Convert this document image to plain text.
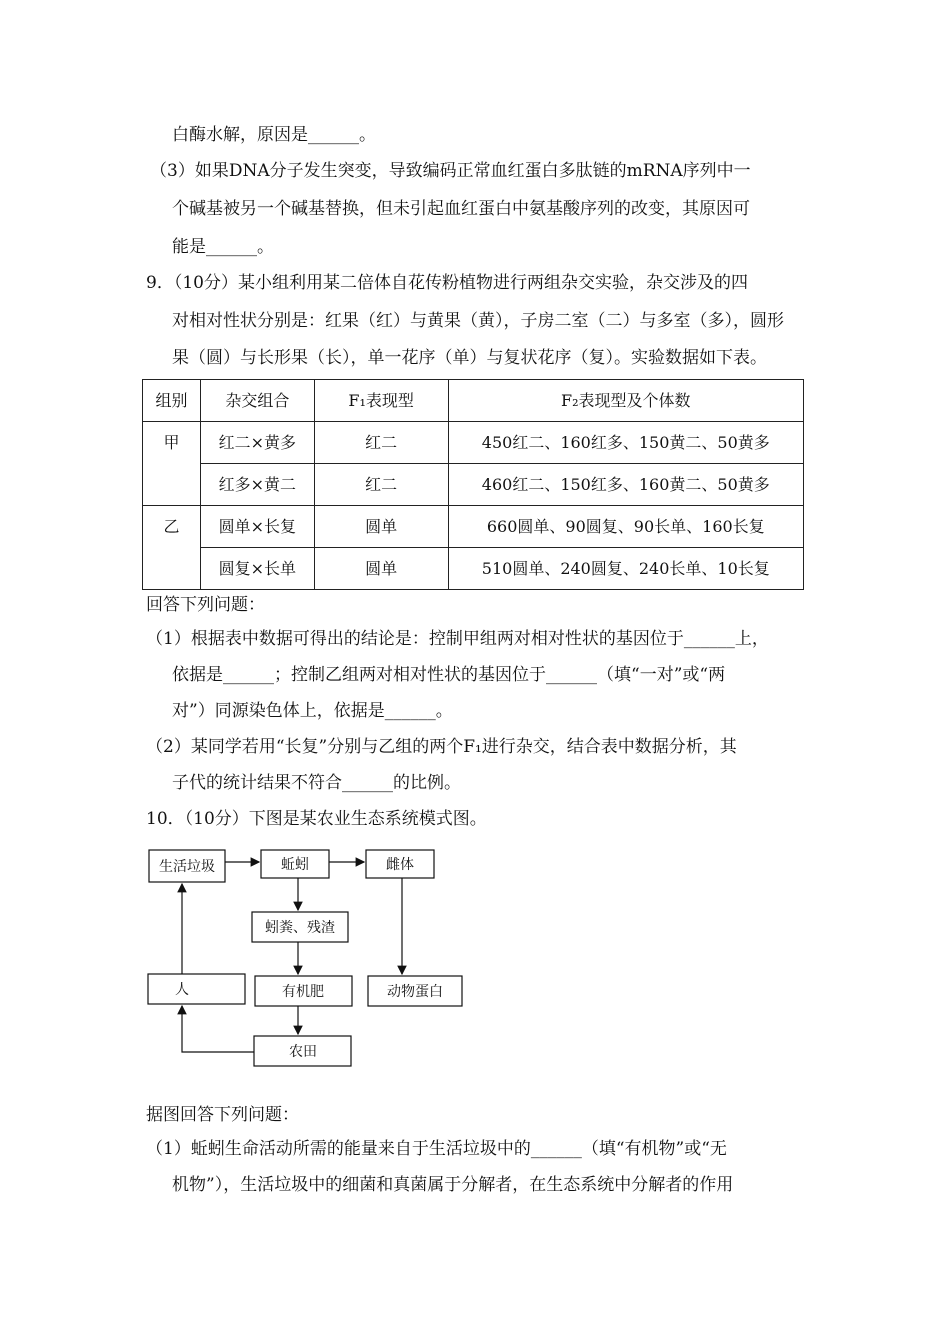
白酶水解，原因是______。
（3）如果DNA分子发生突变，导致编码正常血红蛋白多肽链的mRNA序列中一
个碱基被另一个碱基替换，但未引起血红蛋白中氨基酸序列的改变，其原因可
能是______。
9．（10分）某小组利用某二倍体自花传粉植物进行两组杂交实验，杂交涉及的四
对相对性状分别是：红果（红）与黄果（黄），子房二室（二）与多室（多），圆形
果（圆）与长形果（长），单一花序（单）与复状花序（复）。实验数据如下表。
回答下列问题：
（1）根据表中数据可得出的结论是：控制甲组两对相对性状的基因位于______上，
依据是______；控制乙组两对相对性状的基因位于______（填“一对”或“两
对”）同源染色体上，依据是______。
（2）某同学若用“长复”分别与乙组的两个F₁进行杂交，结合表中数据分析，其
子代的统计结果不符合______的比例。
10．（10分）下图是某农业生态系统模式图。
据图回答下列问题：
（1）蚯蚓生命活动所需的能量来自于生活垃圾中的______（填“有机物”或“无
机物”），生活垃圾中的细菌和真菌属于分解者，在生态系统中分解者的作用
组别	杂交组合	F₁表现型	F₂表现型及个体数
甲	红二×黄多	红二	450红二、160红多、150黄二、50黄多
	红多×黄二	红二	460红二、150红多、160黄二、50黄多
乙	圆单×长复	圆单	660圆单、90圆复、90长单、160长复
	圆复×长单	圆单	510圆单、240圆复、240长单、10长复
生活垃圾	蚯蚓	雌体
蚓粪、残渣
人	有机肥	动物蛋白
农田
